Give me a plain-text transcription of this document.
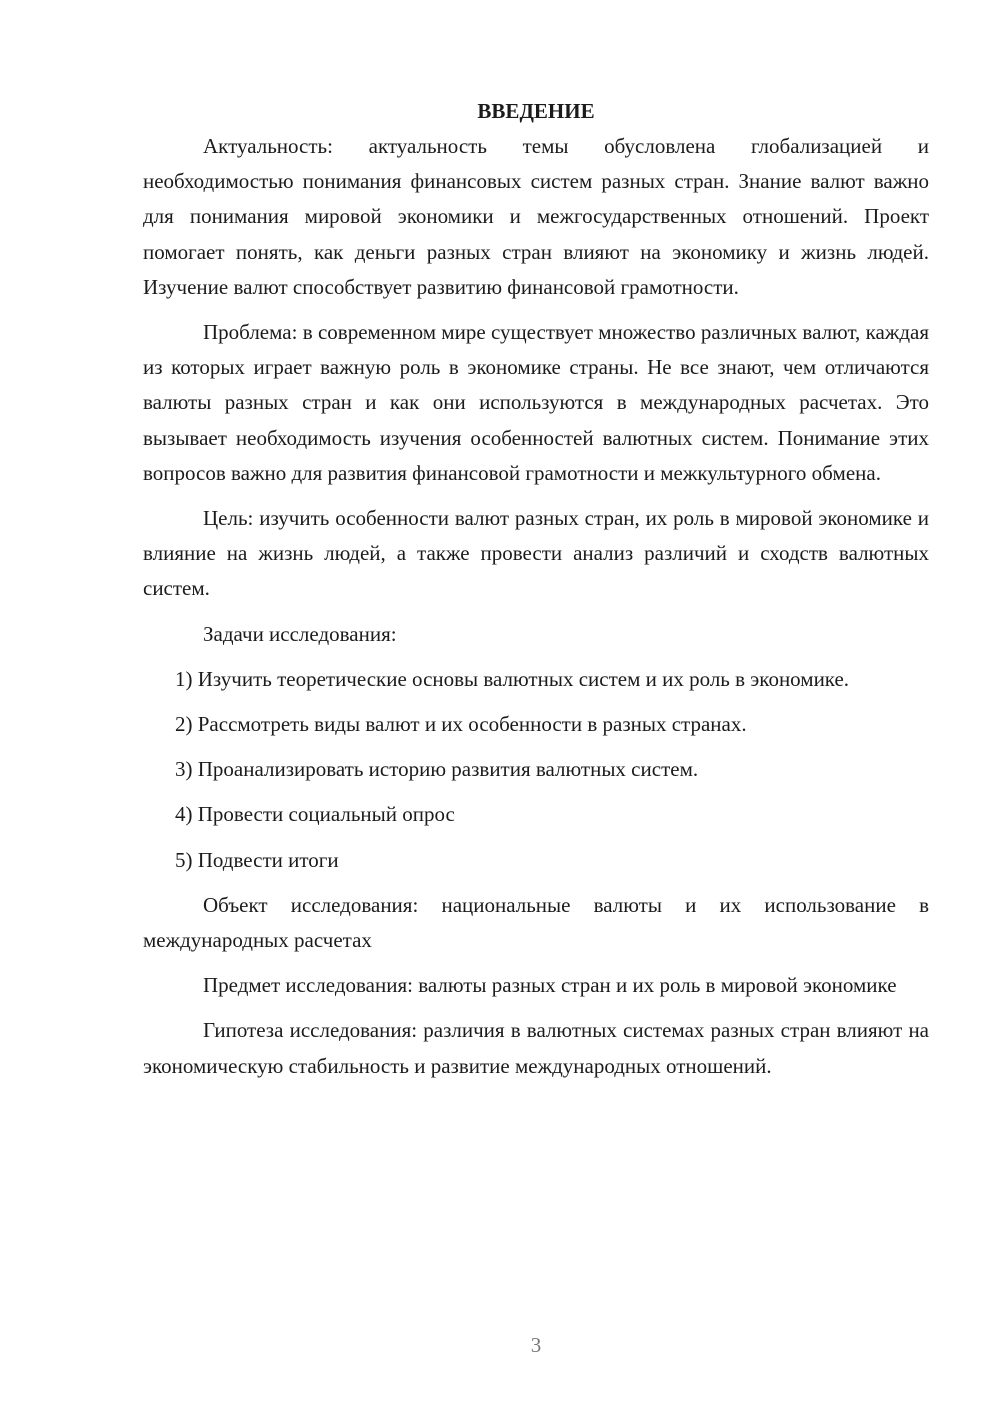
ВВЕДЕНИЕ

Актуальность: актуальность темы обусловлена глобализацией и необходимостью понимания финансовых систем разных стран. Знание валют важно для понимания мировой экономики и межгосударственных отношений. Проект помогает понять, как деньги разных стран влияют на экономику и жизнь людей. Изучение валют способствует развитию финансовой грамотности.

Проблема: в современном мире существует множество различных валют, каждая из которых играет важную роль в экономике страны. Не все знают, чем отличаются валюты разных стран и как они используются в международных расчетах. Это вызывает необходимость изучения особенностей валютных систем. Понимание этих вопросов важно для развития финансовой грамотности и межкультурного обмена.

Цель: изучить особенности валют разных стран, их роль в мировой экономике и влияние на жизнь людей, а также провести анализ различий и сходств валютных систем.

Задачи исследования:

1) Изучить теоретические основы валютных систем и их роль в экономике.

2) Рассмотреть виды валют и их особенности в разных странах.

3) Проанализировать историю развития валютных систем.

4) Провести социальный опрос

5) Подвести итоги

Объект исследования: национальные валюты и их использование в международных расчетах

Предмет исследования: валюты разных стран и их роль в мировой экономике

Гипотеза исследования: различия в валютных системах разных стран влияют на экономическую стабильность и развитие международных отношений.

3
